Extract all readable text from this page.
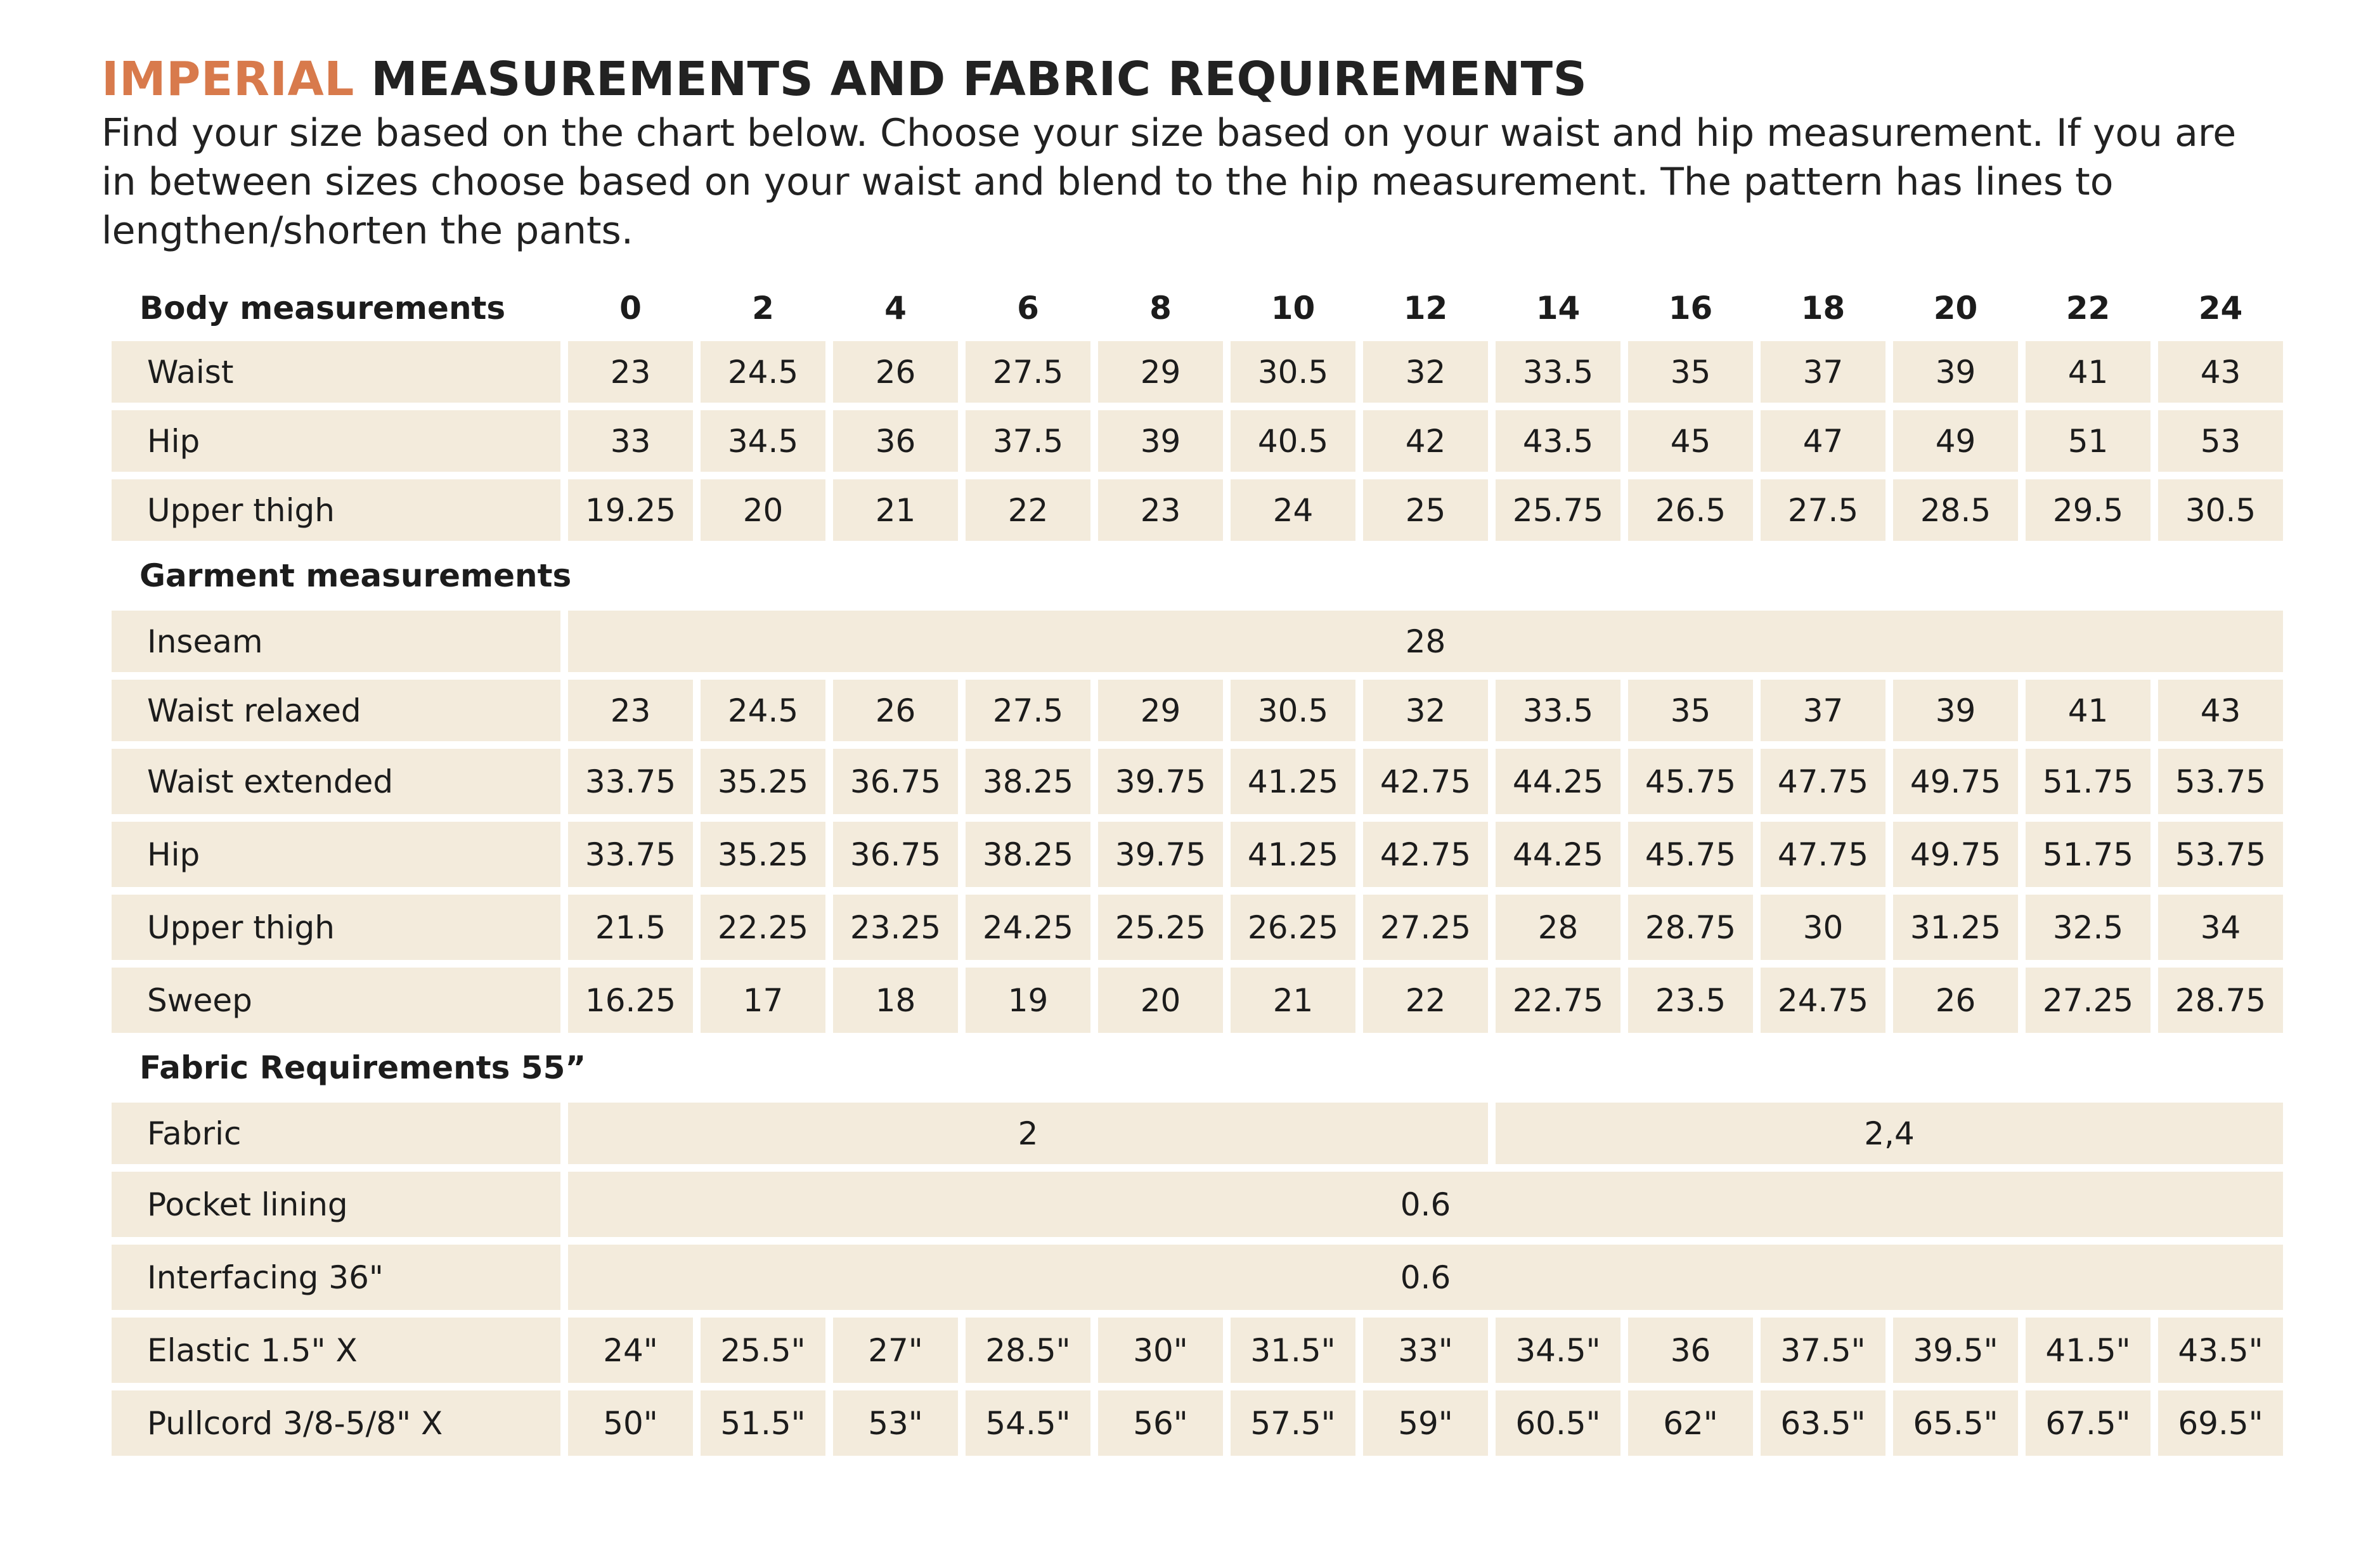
IMPERIAL MEASUREMENTS AND FABRIC REQUIREMENTS
Find your size based on the chart below. Choose your size based on your waist and hip measurement. If you are in between sizes choose based on your waist and blend to the hip measurement. The pattern has lines to lengthen/shorten the pants.
Body measurements	0	2	4	6	8	10	12	14	16	18	20	22	24
Waist	23	24.5	26	27.5	29	30.5	32	33.5	35	37	39	41	43
Hip	33	34.5	36	37.5	39	40.5	42	43.5	45	47	49	51	53
Upper thigh	19.25	20	21	22	23	24	25	25.75	26.5	27.5	28.5	29.5	30.5
Garment measurements													
Inseam	28												
Waist relaxed	23	24.5	26	27.5	29	30.5	32	33.5	35	37	39	41	43
Waist extended	33.75	35.25	36.75	38.25	39.75	41.25	42.75	44.25	45.75	47.75	49.75	51.75	53.75
Hip	33.75	35.25	36.75	38.25	39.75	41.25	42.75	44.25	45.75	47.75	49.75	51.75	53.75
Upper thigh	21.5	22.25	23.25	24.25	25.25	26.25	27.25	28	28.75	30	31.25	32.5	34
Sweep	16.25	17	18	19	20	21	22	22.75	23.5	24.75	26	27.25	28.75
Fabric Requirements 55”													
Fabric	2							2,4					
Pocket lining	0.6												
Interfacing 36"	0.6												
Elastic 1.5" X	24"	25.5"	27"	28.5"	30"	31.5"	33"	34.5"	36	37.5"	39.5"	41.5"	43.5"
Pullcord 3/8-5/8" X	50"	51.5"	53"	54.5"	56"	57.5"	59"	60.5"	62"	63.5"	65.5"	67.5"	69.5"
